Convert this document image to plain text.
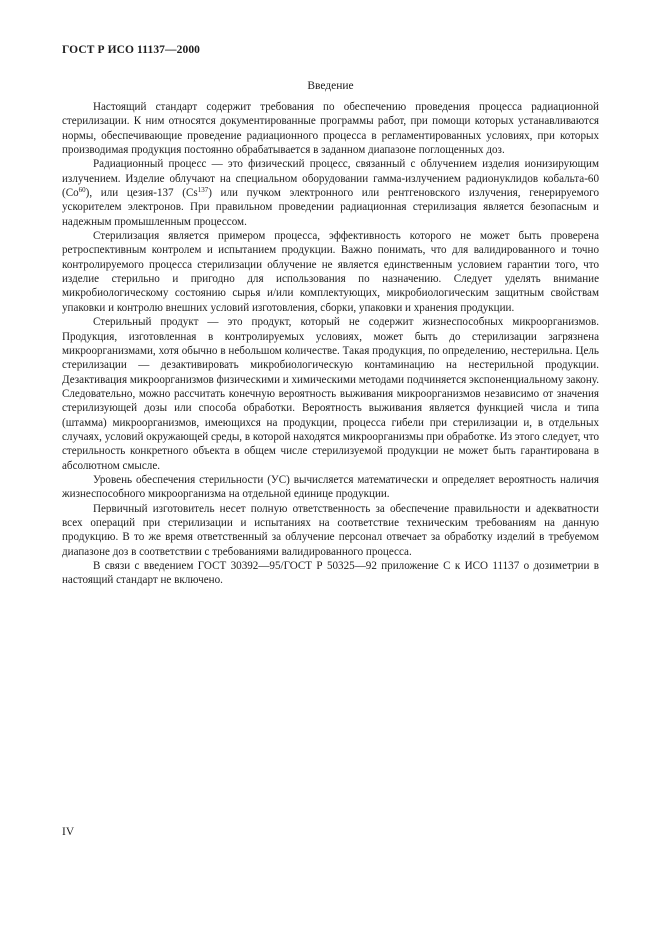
ГОСТ Р ИСО 11137—2000
Введение

Настоящий стандарт содержит требования по обеспечению проведения процесса радиационной стерилизации. К ним относятся документированные программы работ, при помощи которых устанавливаются нормы, обеспечивающие проведение радиационного процесса в регламентированных условиях, при которых производимая продукция постоянно обрабатывается в заданном диапазоне поглощенных доз.

Радиационный процесс — это физический процесс, связанный с облучением изделия ионизирующим излучением. Изделие облучают на специальном оборудовании гамма-излучением радионуклидов кобальта-60 (Co$^{60}$), или цезия-137 (Cs$^{137}$) или пучком электронного или рентгеновского излучения, генерируемого ускорителем электронов. При правильном проведении радиационная стерилизация является безопасным и надежным промышленным процессом.

Стерилизация является примером процесса, эффективность которого не может быть проверена ретроспективным контролем и испытанием продукции. Важно понимать, что для валидированного и точно контролируемого процесса стерилизации облучение не является единственным условием гарантии того, что изделие стерильно и пригодно для использования по назначению. Следует уделять внимание микробиологическому состоянию сырья и/или комплектующих, микробиологическим защитным свойствам упаковки и контролю внешних условий изготовления, сборки, упаковки и хранения продукции.

Стерильный продукт — это продукт, который не содержит жизнеспособных микроорганизмов. Продукция, изготовленная в контролируемых условиях, может быть до стерилизации загрязнена микроорганизмами, хотя обычно в небольшом количестве. Такая продукция, по определению, нестерильна. Цель стерилизации — дезактивировать микробиологическую контаминацию на нестерильной продукции. Дезактивация микроорганизмов физическими и химическими методами подчиняется экспоненциальному закону. Следовательно, можно рассчитать конечную вероятность выживания микроорганизмов независимо от значения стерилизующей дозы или способа обработки. Вероятность выживания является функцией числа и типа (штамма) микроорганизмов, имеющихся на продукции, процесса гибели при стерилизации и, в отдельных случаях, условий окружающей среды, в которой находятся микроорганизмы при обработке. Из этого следует, что стерильность конкретного объекта в общем числе стерилизуемой продукции не может быть гарантирована в абсолютном смысле.

Уровень обеспечения стерильности (УС) вычисляется математически и определяет вероятность наличия жизнеспособного микроорганизма на отдельной единице продукции.

Первичный изготовитель несет полную ответственность за обеспечение правильности и адекватности всех операций при стерилизации и испытаниях на соответствие техническим требованиям на данную продукцию. В то же время ответственный за облучение персонал отвечает за обработку изделий в требуемом диапазоне доз в соответствии с требованиями валидированного процесса.

В связи с введением ГОСТ 30392—95/ГОСТ Р 50325—92 приложение С к ИСО 11137 о дозиметрии в настоящий стандарт не включено.

IV
